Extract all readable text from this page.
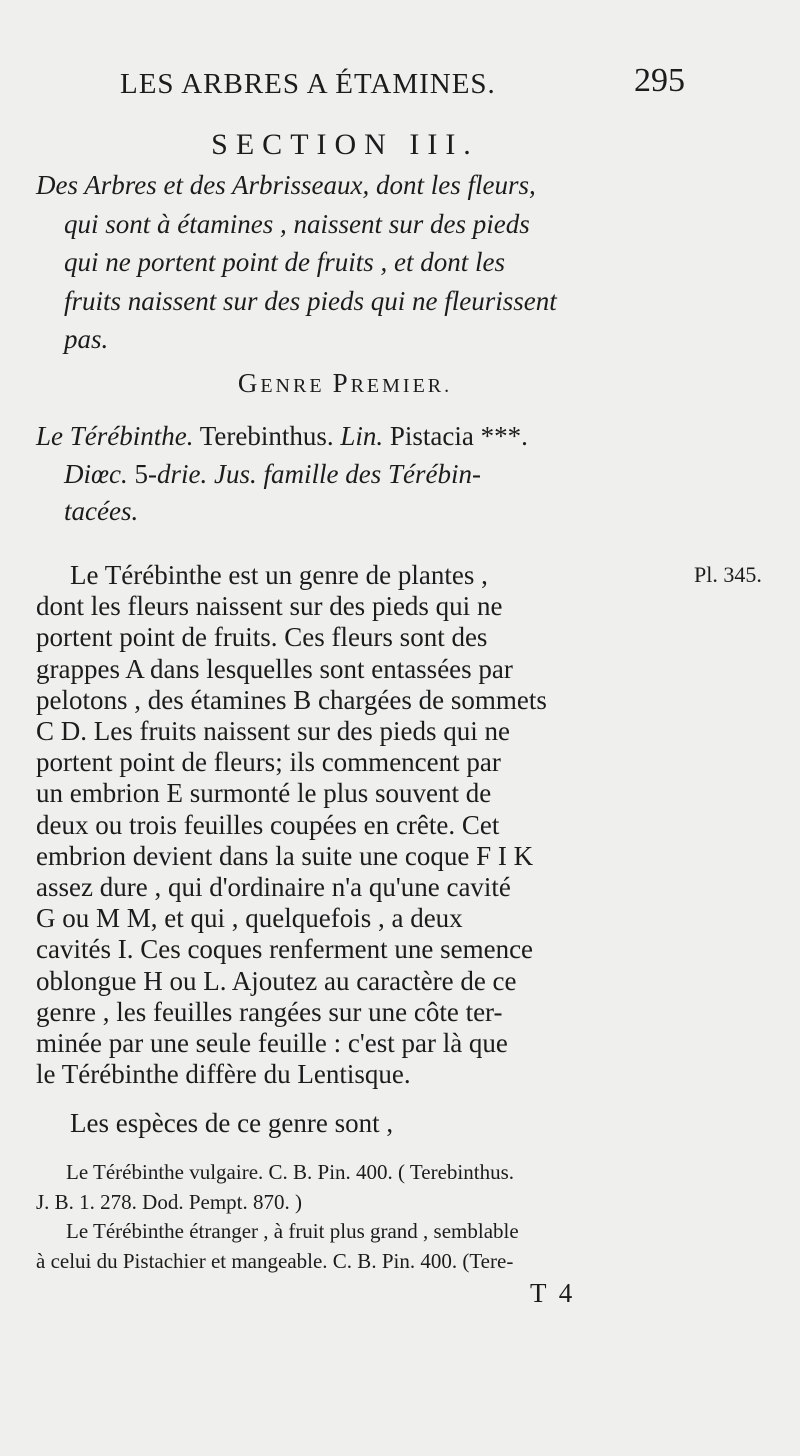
LES ARBRES A ÉTAMINES.	295
SECTION III.
Des Arbres et des Arbrisseaux, dont les fleurs,
qui sont à étamines , naissent sur des pieds
qui ne portent point de fruits , et dont les
fruits naissent sur des pieds qui ne fleurissent
pas.
GENRE PREMIER.
Le Térébinthe. Terebinthus. Lin. Pistacia ***.
Diœc. 5-drie. Jus. famille des Térébin-
tacées.
Pl. 345.
Le Térébinthe est un genre de plantes ,
dont les fleurs naissent sur des pieds qui ne
portent point de fruits. Ces fleurs sont des
grappes A dans lesquelles sont entassées par
pelotons , des étamines B chargées de sommets
C D. Les fruits naissent sur des pieds qui ne
portent point de fleurs; ils commencent par
un embrion E surmonté le plus souvent de
deux ou trois feuilles coupées en crête. Cet
embrion devient dans la suite une coque F I K
assez dure , qui d'ordinaire n'a qu'une cavité
G ou M M, et qui , quelquefois , a deux
cavités I. Ces coques renferment une semence
oblongue H ou L. Ajoutez au caractère de ce
genre , les feuilles rangées sur une côte ter-
minée par une seule feuille : c'est par là que
le Térébinthe diffère du Lentisque.
Les espèces de ce genre sont ,
Le Térébinthe vulgaire. C. B. Pin. 400. ( Terebinthus.
J. B. 1. 278. Dod. Pempt. 870. )
Le Térébinthe étranger , à fruit plus grand , semblable
à celui du Pistachier et mangeable. C. B. Pin. 400. (Tere-
T 4
